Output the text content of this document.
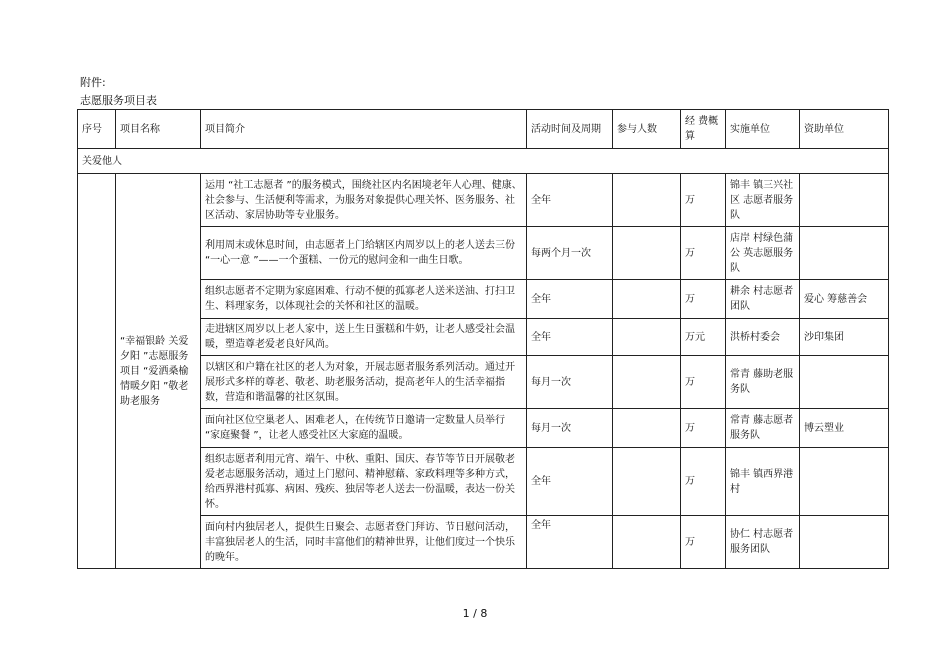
附件:
志愿服务项目表
序号	项目名称	项目简介	活动时间及周期	参与人数	经 费概算	实施单位	资助单位
关爱他人							
	“幸福银龄 关爱夕阳 ”志愿服务项目 “爱洒桑榆情暖夕阳 ”敬老助老服务	运用 “社工志愿者 ”的服务模式，围绕社区内名困境老年人心理、健康、社会参与、生活便利等需求，为服务对象提供心理关怀、医务服务、社区活动、家居协助等专业服务。	全年		万	锦丰 镇三兴社区 志愿者服务队	
		利用周末或休息时间，由志愿者上门给辖区内周岁以上的老人送去三份 “一心一意 ”——一个蛋糕、一份元的慰问金和一曲生日歌。	每两个月一次		万	店岸 村绿色蒲公 英志愿服务队	
		组织志愿者不定期为家庭困难、行动不便的孤寡老人送米送油、打扫卫生、料理家务，以体现社会的关怀和社区的温暖。	全年		万	耕余 村志愿者团队	爱心 筹慈善会
		走进辖区周岁以上老人家中，送上生日蛋糕和牛奶，让老人感受社会温暖，塑造尊老爱老良好风尚。	全年		万元	洪桥村委会	沙印集团
		以辖区和户籍在社区的老人为对象，开展志愿者服务系列活动。通过开展形式多样的尊老、敬老、助老服务活动，提高老年人的生活幸福指数，营造和谐温馨的社区氛围。	每月一次		万	常青 藤助老服务队	
		面向社区位空巢老人、困难老人，在传统节日邀请一定数量人员举行 “家庭聚餐 ”，让老人感受社区大家庭的温暖。	每月一次		万	常青 藤志愿者服务队	博云塑业
		组织志愿者利用元宵、端午、中秋、重阳、国庆、春节等节日开展敬老爱老志愿服务活动，通过上门慰问、精神慰藉、家政料理等多种方式，给西界港村孤寡、病困、残疾、独居等老人送去一份温暖，表达一份关怀。	全年		万	锦丰 镇西界港村	
		面向村内独居老人，提供生日聚会、志愿者登门拜访、节日慰问活动，丰富独居老人的生活，同时丰富他们的精神世界，让他们度过一个快乐的晚年。	全年		万	协仁 村志愿者服务团队	
1 / 8
